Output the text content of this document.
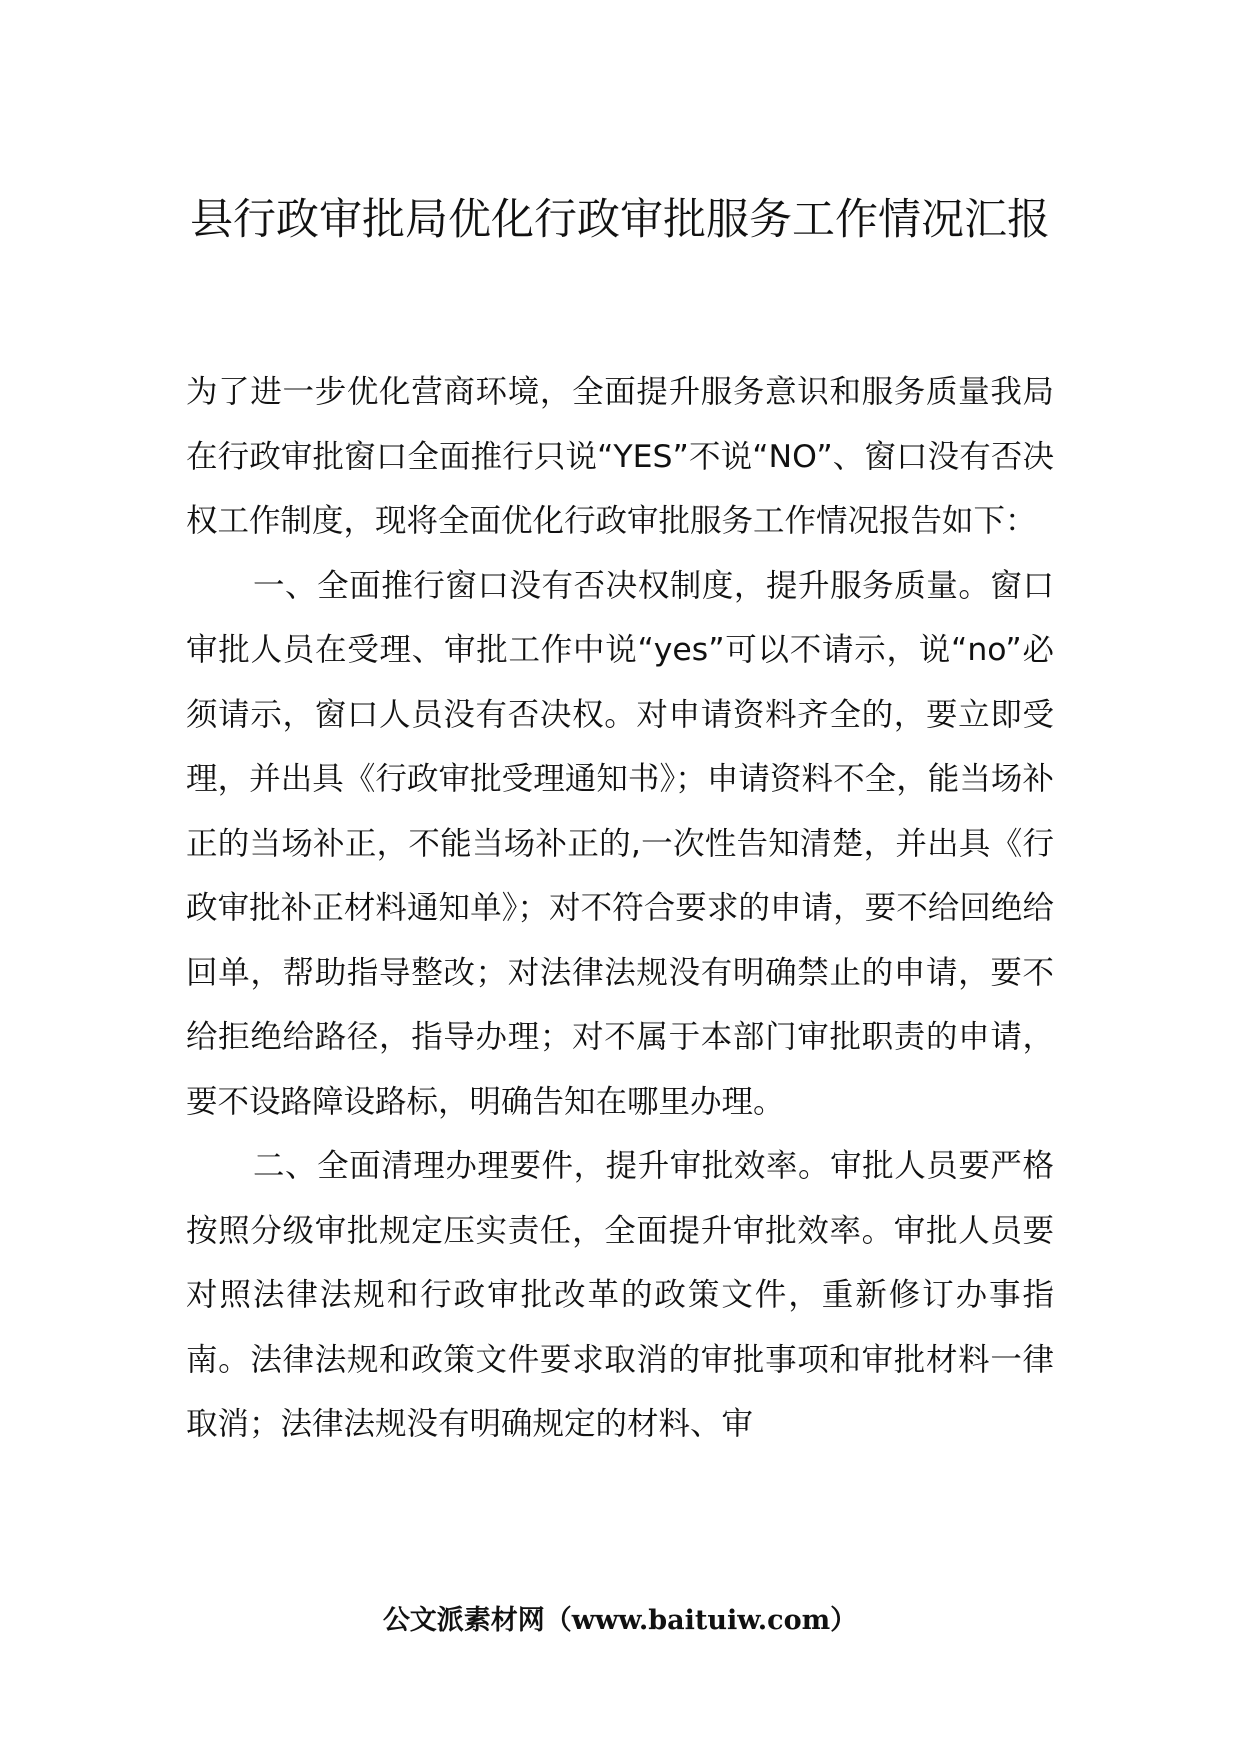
县行政审批局优化行政审批服务工作情况汇报

为了进一步优化营商环境，全面提升服务意识和服务质量我局在行政审批窗口全面推行只说“YES”不说“NO”、窗口没有否决权工作制度，现将全面优化行政审批服务工作情况报告如下：

一、全面推行窗口没有否决权制度，提升服务质量。窗口审批人员在受理、审批工作中说“yes”可以不请示，说“no”必须请示，窗口人员没有否决权。对申请资料齐全的，要立即受理，并出具《行政审批受理通知书》；申请资料不全，能当场补正的当场补正，不能当场补正的,一次性告知清楚，并出具《行政审批补正材料通知单》；对不符合要求的申请，要不给回绝给回单，帮助指导整改；对法律法规没有明确禁止的申请，要不给拒绝给路径，指导办理；对不属于本部门审批职责的申请，要不设路障设路标，明确告知在哪里办理。

二、全面清理办理要件，提升审批效率。审批人员要严格按照分级审批规定压实责任，全面提升审批效率。审批人员要对照法律法规和行政审批改革的政策文件，重新修订办事指南。法律法规和政策文件要求取消的审批事项和审批材料一律取消；法律法规没有明确规定的材料、审

公文派素材网（www.baituiw.com）
